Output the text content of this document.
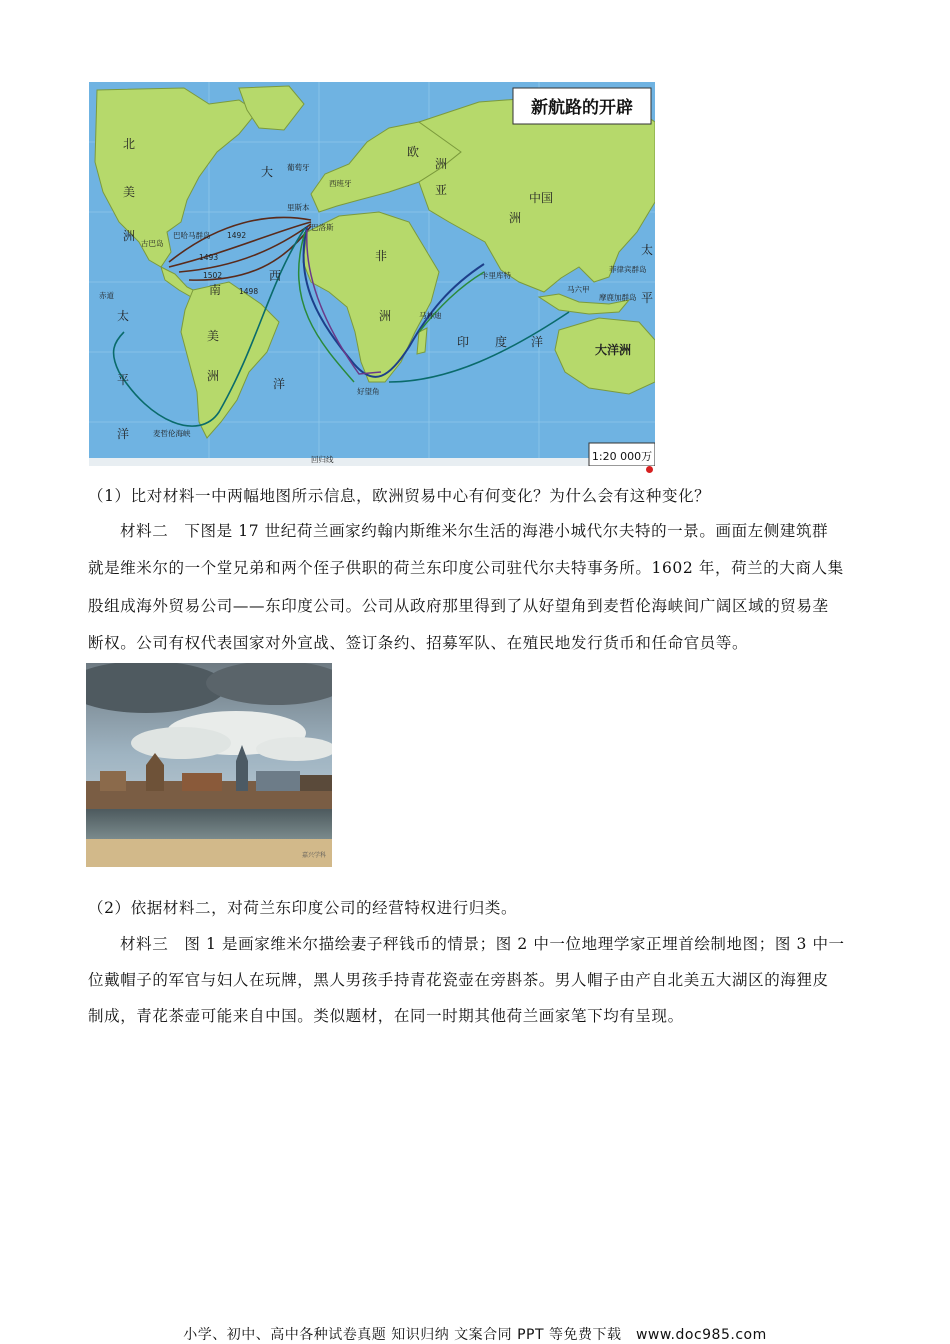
新航路的开辟
1:20 000万
北
美
洲
大
欧
洲
亚
洲
中国
非
洲
南
美
洲
太
平
洋
西
洋
印 度 洋
太
平
大洋洲
葡萄牙
西班牙
里斯本
巴洛斯
巴哈马群岛
古巴岛
1492
1493
1502
1498
卡里库特
马林迪
菲律宾群岛
摩鹿加群岛
马六甲
好望角
麦哲伦海峡
赤道
回归线
（1）比对材料一中两幅地图所示信息，欧洲贸易中心有何变化？为什么会有这种变化？
材料二　下图是 17 世纪荷兰画家约翰内斯维米尔生活的海港小城代尔夫特的一景。画面左侧建筑群
就是维米尔的一个堂兄弟和两个侄子供职的荷兰东印度公司驻代尔夫特事务所。1602 年，荷兰的大商人集
股组成海外贸易公司——东印度公司。公司从政府那里得到了从好望角到麦哲伦海峡间广阔区域的贸易垄
断权。公司有权代表国家对外宣战、签订条约、招募军队、在殖民地发行货币和任命官员等。
嘉兴学科
（2）依据材料二，对荷兰东印度公司的经营特权进行归类。
材料三　图 1 是画家维米尔描绘妻子秤钱币的情景；图 2 中一位地理学家正埋首绘制地图；图 3 中一
位戴帽子的军官与妇人在玩牌，黑人男孩手持青花瓷壶在旁斟茶。男人帽子由产自北美五大湖区的海狸皮
制成，青花茶壶可能来自中国。类似题材，在同一时期其他荷兰画家笔下均有呈现。
小学、初中、高中各种试卷真题 知识归纳 文案合同 PPT 等免费下载　www.doc985.com
